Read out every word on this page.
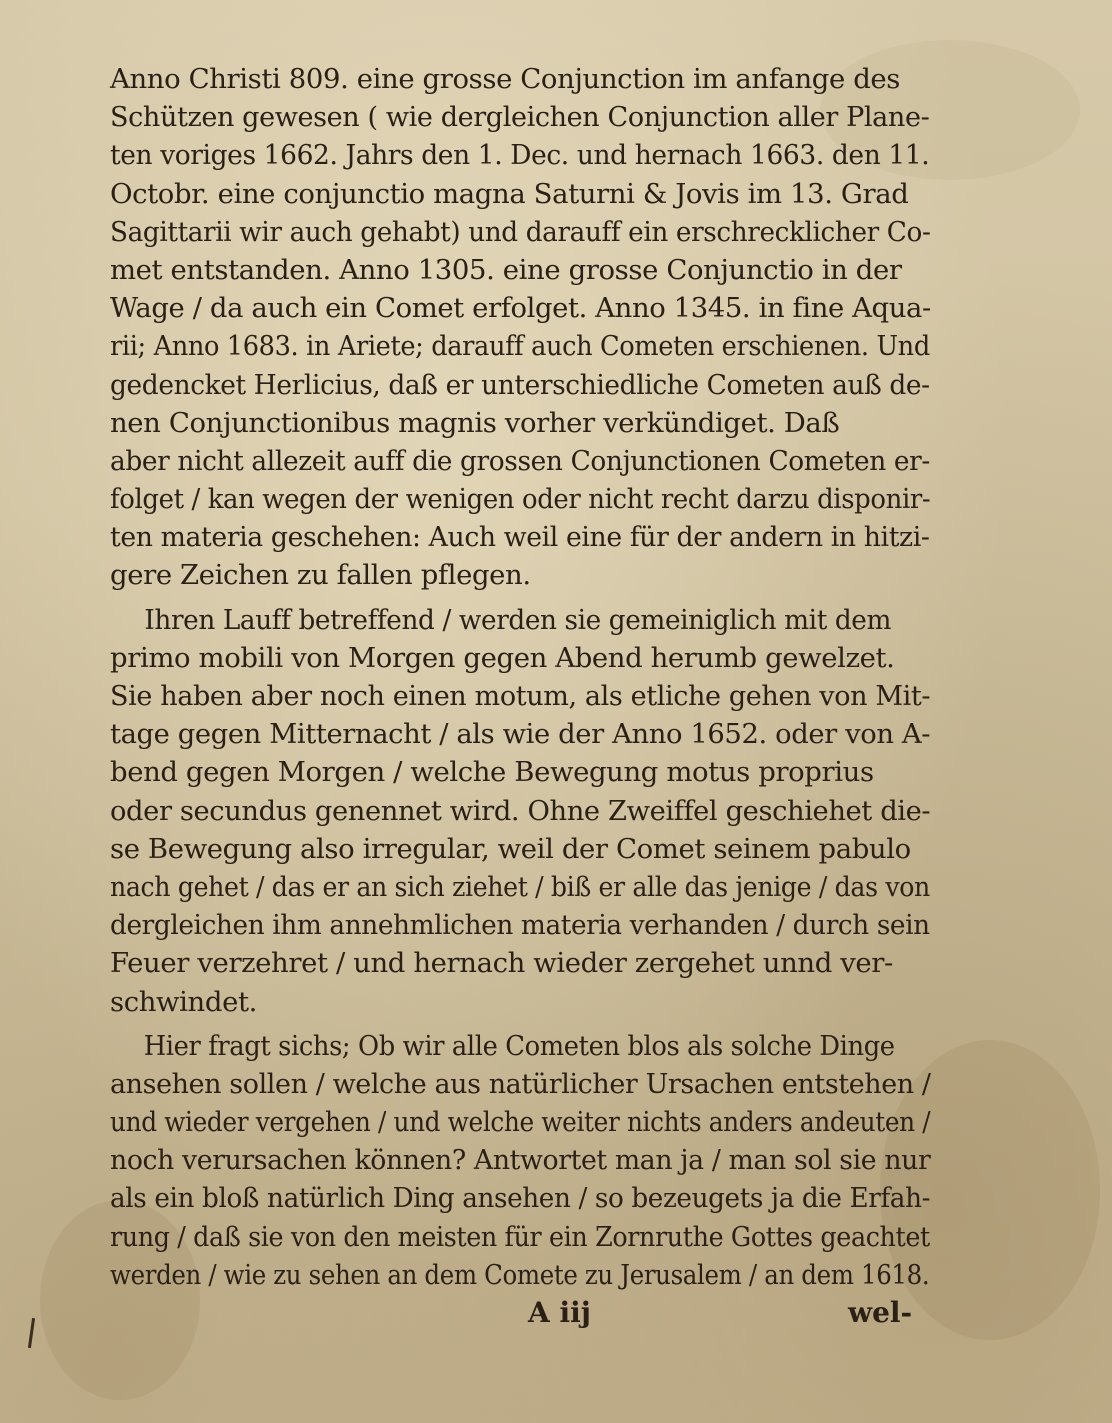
Anno Christi 809. eine grosse Conjunction im anfange des
Schützen gewesen ( wie dergleichen Conjunction aller Plane-
ten voriges 1662. Jahrs den 1. Dec. und hernach 1663. den 11.
Octobr. eine conjunctio magna Saturni & Jovis im 13. Grad
Sagittarii wir auch gehabt) und darauff ein erschrecklicher Co-
met entstanden. Anno 1305. eine grosse Conjunctio in der
Wage / da auch ein Comet erfolget. Anno 1345. in fine Aqua-
rii; Anno 1683. in Ariete; darauff auch Cometen erschienen. Und
gedencket Herlicius, daß er unterschiedliche Cometen auß de-
nen Conjunctionibus magnis vorher verkündiget. Daß
aber nicht allezeit auff die grossen Conjunctionen Cometen er-
folget / kan wegen der wenigen oder nicht recht darzu disponir-
ten materia geschehen: Auch weil eine für der andern in hitzi-
gere Zeichen zu fallen pflegen.
Ihren Lauff betreffend / werden sie gemeiniglich mit dem
primo mobili von Morgen gegen Abend herumb gewelzet.
Sie haben aber noch einen motum, als etliche gehen von Mit-
tage gegen Mitternacht / als wie der Anno 1652. oder von A-
bend gegen Morgen / welche Bewegung motus proprius
oder secundus genennet wird. Ohne Zweiffel geschiehet die-
se Bewegung also irregular, weil der Comet seinem pabulo
nach gehet / das er an sich ziehet / biß er alle das jenige / das von
dergleichen ihm annehmlichen materia verhanden / durch sein
Feuer verzehret / und hernach wieder zergehet unnd ver-
schwindet.
Hier fragt sichs; Ob wir alle Cometen blos als solche Dinge
ansehen sollen / welche aus natürlicher Ursachen entstehen /
und wieder vergehen / und welche weiter nichts anders andeuten /
noch verursachen können? Antwortet man ja / man sol sie nur
als ein bloß natürlich Ding ansehen / so bezeugets ja die Erfah-
rung / daß sie von den meisten für ein Zornruthe Gottes geachtet
werden / wie zu sehen an dem Comete zu Jerusalem / an dem 1618.
A iij	wel-
